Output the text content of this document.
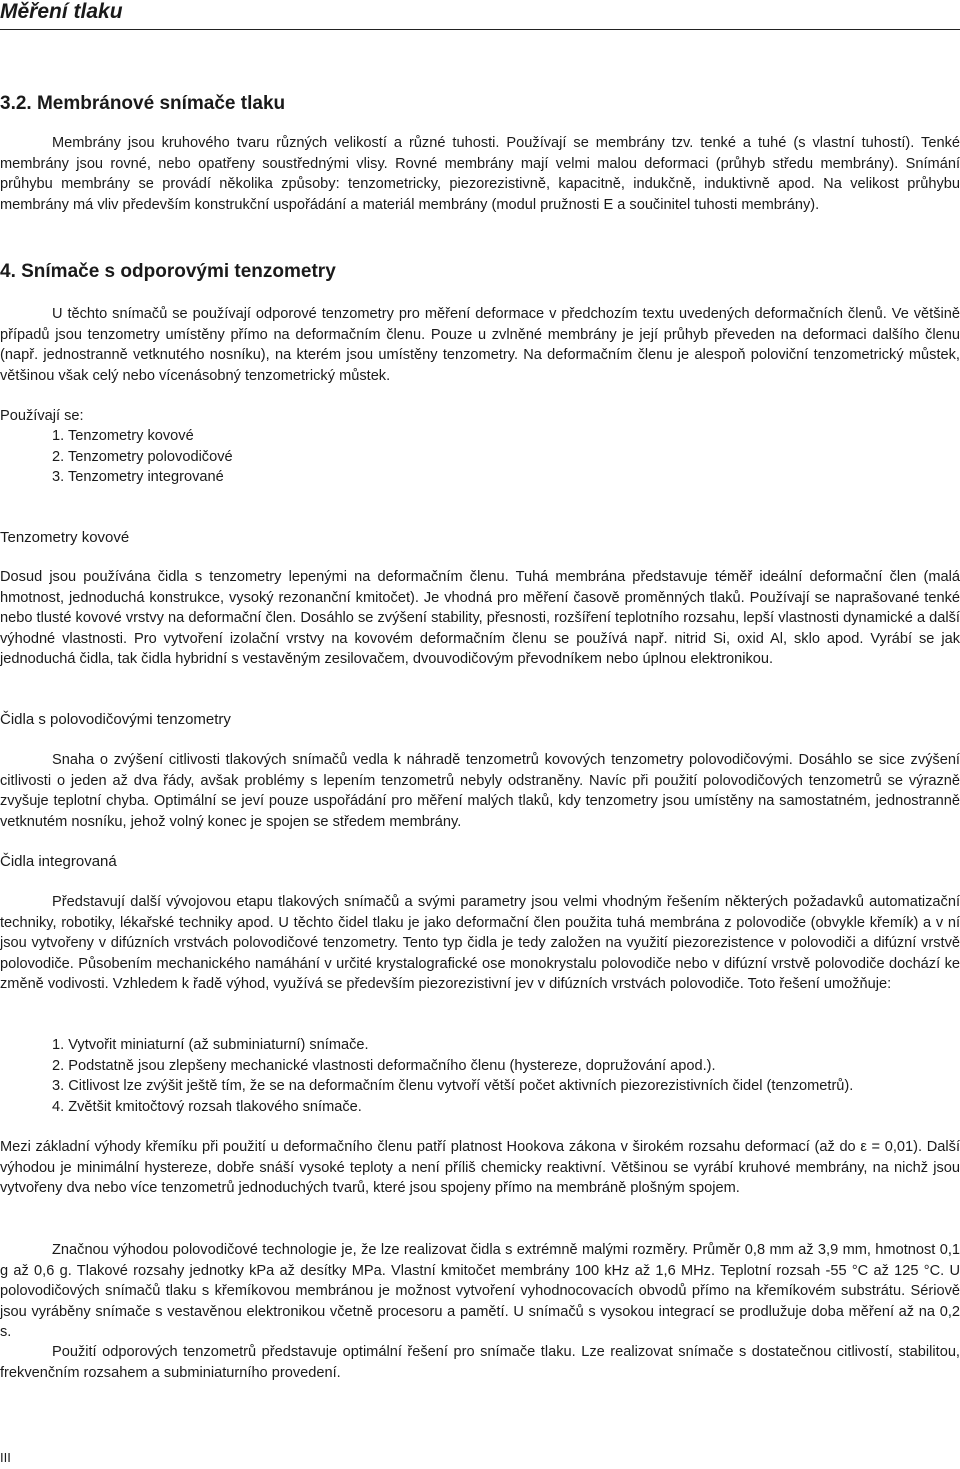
Měření tlaku
3.2. Membránové snímače tlaku

Membrány jsou kruhového tvaru různých velikostí a různé tuhosti. Používají se membrány tzv. tenké a tuhé (s vlastní tuhostí). Tenké membrány jsou rovné, nebo opatřeny soustřednými vlisy. Rovné membrány mají velmi malou deformaci (průhyb středu membrány). Snímání průhybu membrány se provádí několika způsoby: tenzometricky, piezorezistivně, kapacitně, indukčně, induktivně apod. Na velikost průhybu membrány má vliv především konstrukční uspořádání a materiál membrány (modul pružnosti E a součinitel tuhosti membrány).

4. Snímače s odporovými tenzometry

U těchto snímačů se používají odporové tenzometry pro měření deformace v předchozím textu uvedených deformačních členů. Ve většině případů jsou tenzometry umístěny přímo na deformačním členu. Pouze u zvlněné membrány je její průhyb převeden na deformaci dalšího členu (např. jednostranně vetknutého nosníku), na kterém jsou umístěny tenzometry. Na deformačním členu je alespoň poloviční tenzometrický můstek, většinou však celý nebo vícenásobný tenzometrický můstek.

Používají se:
1. Tenzometry kovové
2. Tenzometry polovodičové
3. Tenzometry integrované
Tenzometry kovové

Dosud jsou používána čidla s tenzometry lepenými na deformačním členu. Tuhá membrána představuje téměř ideální deformační člen (malá hmotnost, jednoduchá konstrukce, vysoký rezonanční kmitočet). Je vhodná pro měření časově proměnných tlaků. Používají se naprašované tenké nebo tlusté kovové vrstvy na deformační člen. Dosáhlo se zvýšení stability, přesnosti, rozšíření teplotního rozsahu, lepší vlastnosti dynamické a další výhodné vlastnosti. Pro vytvoření izolační vrstvy na kovovém deformačním členu se používá např. nitrid Si, oxid Al, sklo apod. Vyrábí se jak jednoduchá čidla, tak čidla hybridní s vestavěným zesilovačem, dvouvodičovým převodníkem nebo úplnou elektronikou.

Čidla s polovodičovými tenzometry

Snaha o zvýšení citlivosti tlakových snímačů vedla k náhradě tenzometrů kovových tenzometry polovodičovými. Dosáhlo se sice zvýšení citlivosti o jeden až dva řády, avšak problémy s lepením tenzometrů nebyly odstraněny. Navíc při použití polovodičových tenzometrů se výrazně zvyšuje teplotní chyba. Optimální se jeví pouze uspořádání pro měření malých tlaků, kdy tenzometry jsou umístěny na samostatném, jednostranně vetknutém nosníku, jehož volný konec je spojen se středem membrány.

Čidla integrovaná

Představují další vývojovou etapu tlakových snímačů a svými parametry jsou velmi vhodným řešením některých požadavků automatizační techniky, robotiky, lékařské techniky apod. U těchto čidel tlaku je jako deformační člen použita tuhá membrána z polovodiče (obvykle křemík) a v ní jsou vytvořeny v difúzních vrstvách polovodičové tenzometry. Tento typ čidla je tedy založen na využití piezorezistence v polovodiči a difúzní vrstvě polovodiče. Působením mechanického namáhání v určité krystalografické ose monokrystalu polovodiče nebo v difúzní vrstvě polovodiče dochází ke změně vodivosti. Vzhledem k řadě výhod, využívá se především piezorezistivní jev v difúzních vrstvách polovodiče. Toto řešení umožňuje:

1. Vytvořit miniaturní (až subminiaturní) snímače.
2. Podstatně jsou zlepšeny mechanické vlastnosti deformačního členu (hystereze, dopružování apod.).
3. Citlivost lze zvýšit ještě tím, že se na deformačním členu vytvoří větší počet aktivních piezorezistivních čidel (tenzometrů).
4. Zvětšit kmitočtový rozsah tlakového snímače.

Mezi základní výhody křemíku při použití u deformačního členu patří platnost Hookova zákona v širokém rozsahu deformací (až do ε = 0,01). Další výhodou je minimální hystereze, dobře snáší vysoké teploty a není příliš chemicky reaktivní. Většinou se vyrábí kruhové membrány, na nichž jsou vytvořeny dva nebo více tenzometrů jednoduchých tvarů, které jsou spojeny přímo na membráně plošným spojem.

Značnou výhodou polovodičové technologie je, že lze realizovat čidla s extrémně malými rozměry. Průměr 0,8 mm až 3,9 mm, hmotnost 0,1 g až 0,6 g. Tlakové rozsahy jednotky kPa až desítky MPa. Vlastní kmitočet membrány 100 kHz až 1,6 MHz. Teplotní rozsah -55 °C až 125 °C. U polovodičových snímačů tlaku s křemíkovou membránou je možnost vytvoření vyhodnocovacích obvodů přímo na křemíkovém substrátu. Sériově jsou vyráběny snímače s vestavěnou elektronikou včetně procesoru a pamětí. U snímačů s vysokou integrací se prodlužuje doba měření až na 0,2 s.

Použití odporových tenzometrů představuje optimální řešení pro snímače tlaku. Lze realizovat snímače s dostatečnou citlivostí, stabilitou, frekvenčním rozsahem a subminiaturního provedení.

III
